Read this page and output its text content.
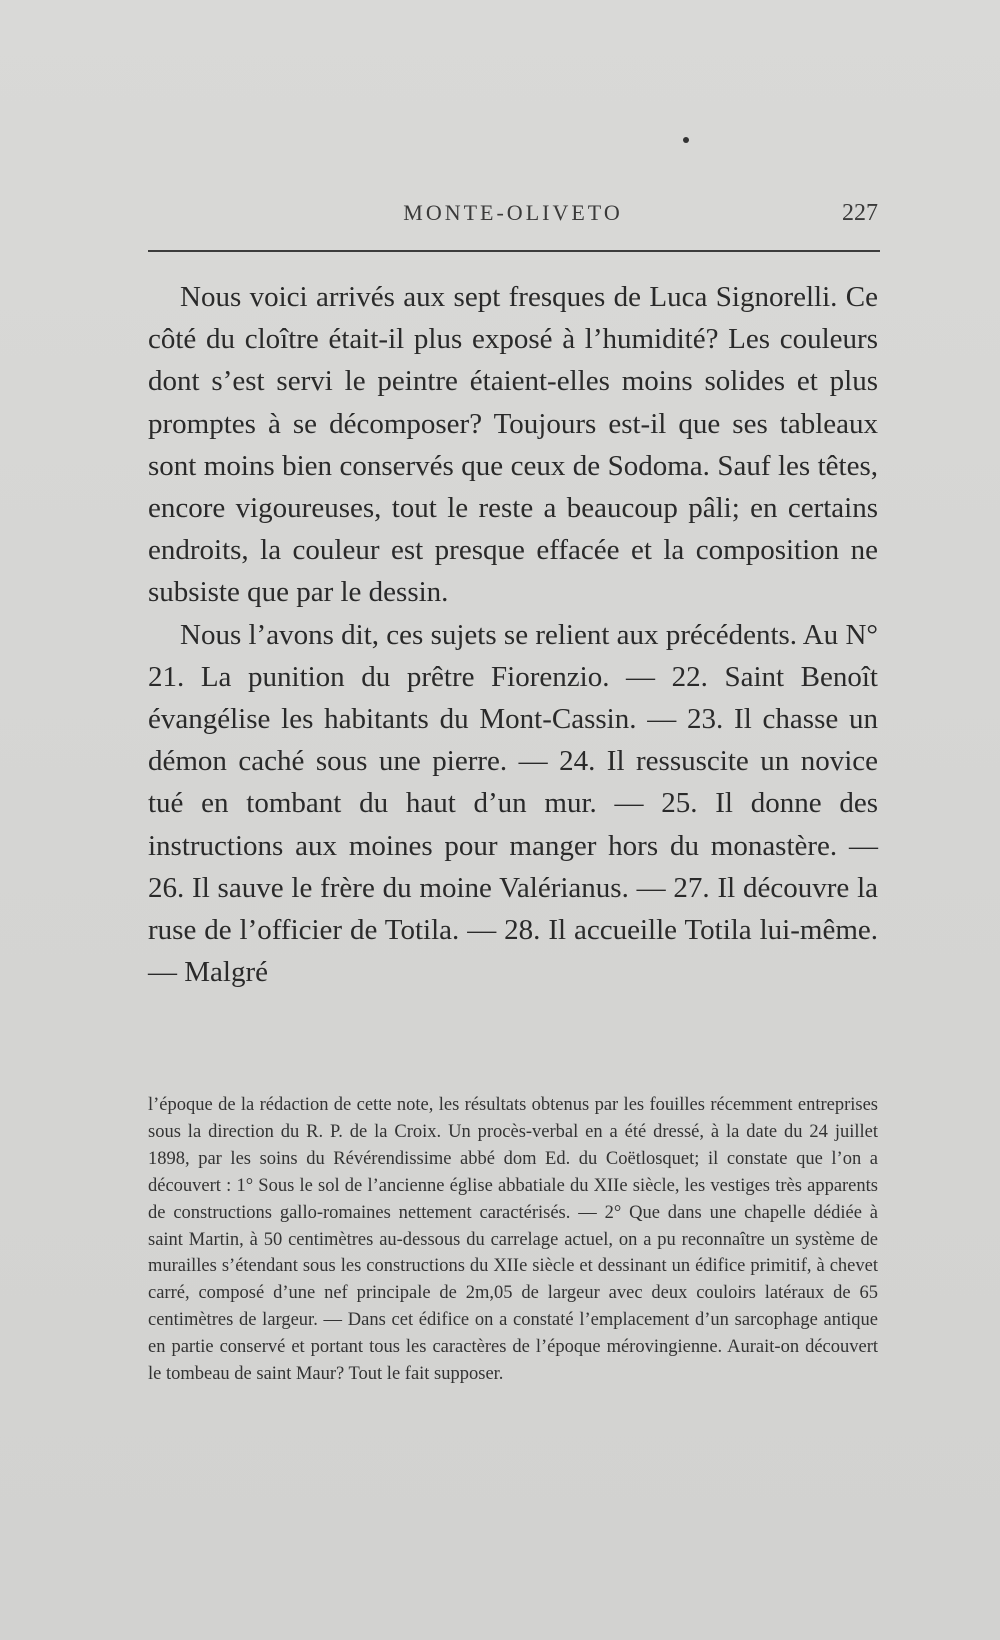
MONTE-OLIVETO	227

Nous voici arrivés aux sept fresques de Luca Signorelli. Ce côté du cloître était-il plus exposé à l’humidité? Les couleurs dont s’est servi le peintre étaient-elles moins solides et plus promptes à se décomposer? Toujours est-il que ses tableaux sont moins bien conservés que ceux de Sodoma. Sauf les têtes, encore vigoureuses, tout le reste a beaucoup pâli; en certains endroits, la couleur est presque effacée et la composition ne subsiste que par le dessin.

Nous l’avons dit, ces sujets se relient aux précédents. Au N° 21. La punition du prêtre Fiorenzio. — 22. Saint Benoît évangélise les habitants du Mont-Cassin. — 23. Il chasse un démon caché sous une pierre. — 24. Il ressuscite un novice tué en tombant du haut d’un mur. — 25. Il donne des instructions aux moines pour manger hors du monastère. — 26. Il sauve le frère du moine Valérianus. — 27. Il découvre la ruse de l’officier de Totila. — 28. Il accueille Totila lui-même. — Malgré

l’époque de la rédaction de cette note, les résultats obtenus par les fouilles récemment entreprises sous la direction du R. P. de la Croix. Un procès-verbal en a été dressé, à la date du 24 juillet 1898, par les soins du Révérendissime abbé dom Ed. du Coëtlosquet; il constate que l’on a découvert : 1° Sous le sol de l’ancienne église abbatiale du XIIe siècle, les vestiges très apparents de constructions gallo-romaines nettement caractérisés. — 2° Que dans une chapelle dédiée à saint Martin, à 50 centimètres au-dessous du carrelage actuel, on a pu reconnaître un système de murailles s’étendant sous les constructions du XIIe siècle et dessinant un édifice primitif, à chevet carré, composé d’une nef principale de 2m,05 de largeur avec deux couloirs latéraux de 65 centimètres de largeur. — Dans cet édifice on a constaté l’emplacement d’un sarcophage antique en partie conservé et portant tous les caractères de l’époque mérovingienne. Aurait-on découvert le tombeau de saint Maur? Tout le fait supposer.
